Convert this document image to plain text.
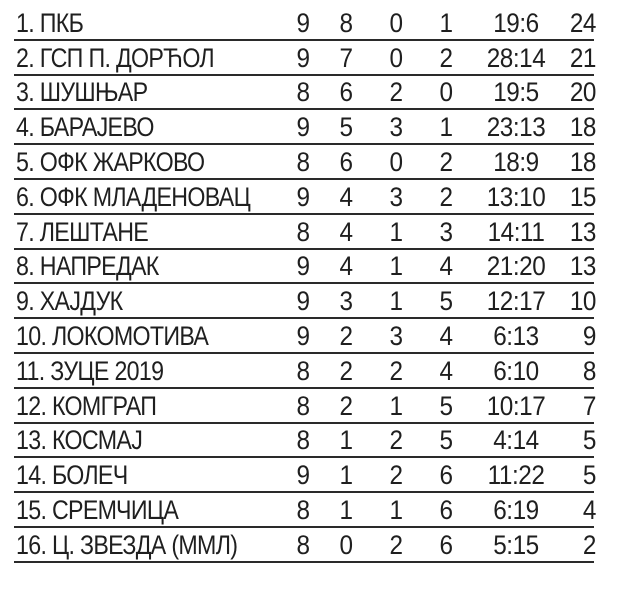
1. ПКБ	9 8 0 1	19:6	24
2. ГСП П. ДОРЋОЛ	9 7 0 2	28:14 21
3. ШУШЊАР	8 6 2 0	19:5	20
4. БАРАЈЕВО	9 5 3 1	23:13 18
5. ОФК ЖАРКОВО	8 6 0 2	18:9	18
6. ОФК МЛАДЕНОВАЦ 9 4 3 2	13:10 15
7. ЛЕШТАНЕ	8 4 1 3	14:11 13
8. НАПРЕДАК	9 4 1 4	21:20 13
9. ХАЈДУК	9 3 1 5	12:17 10
10. ЛОКОМОТИВА	9 2 3 4	6:13	9
11. ЗУЦЕ 2019	8 2 2 4	6:10	8
12. КОМГРАП	8 2 1 5	10:17	7
13. КОСМАЈ	8 1 2 5	4:14	5
14. БОЛЕЧ	9 1 2 6	11:22	5
15. СРЕМЧИЦА	8 1 1 6	6:19	4
16. Ц. ЗВЕЗДА (ММЛ)	8 0 2 6	5:15	2
